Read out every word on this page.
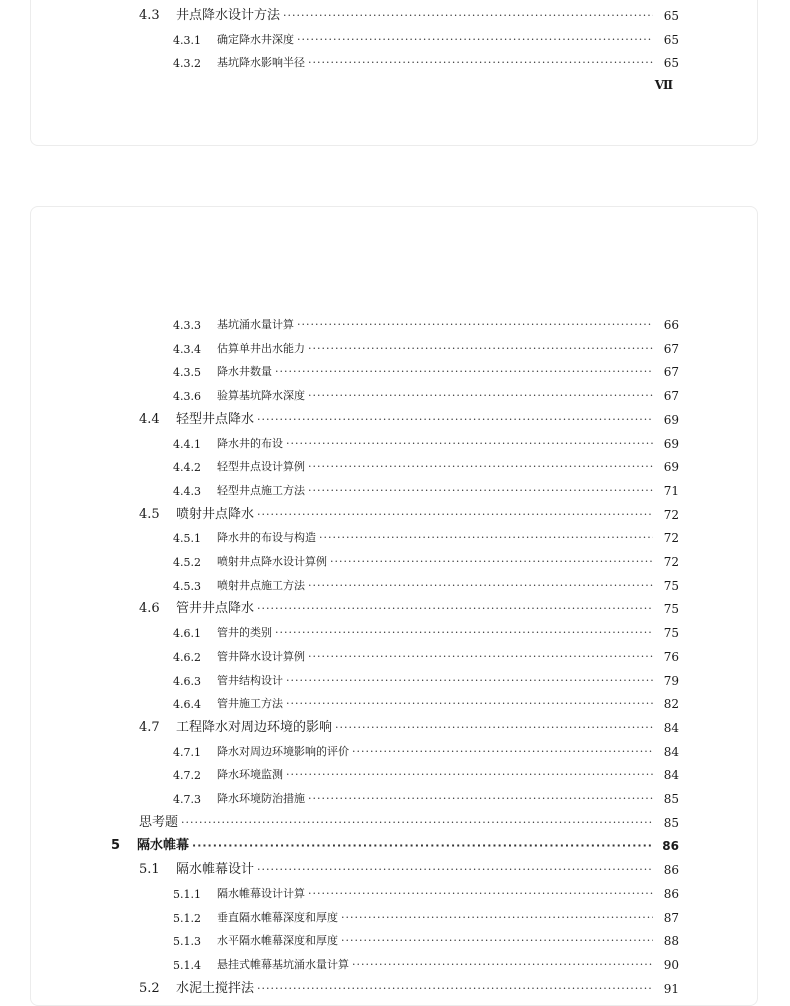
4.3	井点降水设计方法 ·····	65
4.3.1	确定降水井深度 ·····	65
4.3.2	基坑降水影响半径 ·····	65
Ⅶ
4.3.3	基坑涌水量计算 ·····	66
4.3.4	估算单井出水能力 ·····	67
4.3.5	降水井数量 ·····	67
4.3.6	验算基坑降水深度 ·····	67
4.4	轻型井点降水 ·····	69
4.4.1	降水井的布设 ·····	69
4.4.2	轻型井点设计算例 ·····	69
4.4.3	轻型井点施工方法 ·····	71
4.5	喷射井点降水 ·····	72
4.5.1	降水井的布设与构造 ·····	72
4.5.2	喷射井点降水设计算例 ·····	72
4.5.3	喷射井点施工方法 ·····	75
4.6	管井井点降水 ·····	75
4.6.1	管井的类别 ·····	75
4.6.2	管井降水设计算例 ·····	76
4.6.3	管井结构设计 ·····	79
4.6.4	管井施工方法 ·····	82
4.7	工程降水对周边环境的影响 ·····	84
4.7.1	降水对周边环境影响的评价 ·····	84
4.7.2	降水环境监测 ·····	84
4.7.3	降水环境防治措施 ·····	85
思考题 ·····	85
5	隔水帷幕 ·····	86
5.1	隔水帷幕设计 ·····	86
5.1.1	隔水帷幕设计计算 ·····	86
5.1.2	垂直隔水帷幕深度和厚度 ·····	87
5.1.3	水平隔水帷幕深度和厚度 ·····	88
5.1.4	悬挂式帷幕基坑涌水量计算 ·····	90
5.2	水泥土搅拌法 ·····	91
